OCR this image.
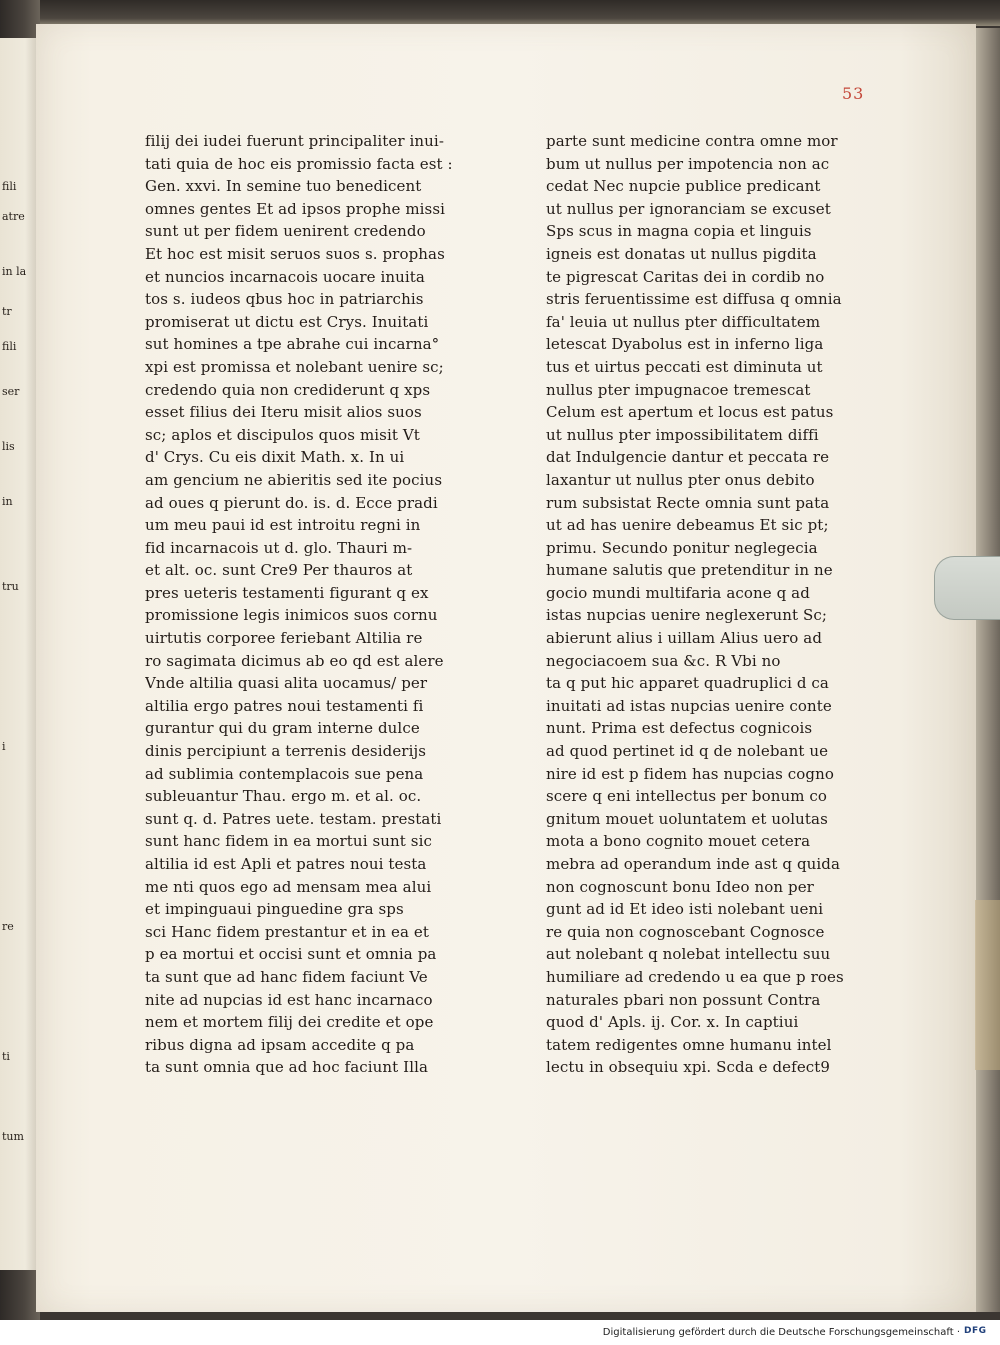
fili
atre
in la
tr
fili
ser
lis
in
tru
i
re
ti
tum
53
filij dei iudei fuerunt principaliter inui-
tati quia de hoc eis promissio facta est :
Gen. xxvi. In semine tuo benedicent
omnes gentes Et ad ipsos prophe missi
sunt ut per fidem uenirent credendo
Et hoc est misit seruos suos s. prophas
et nuncios incarnacois uocare inuita
tos s. iudeos qbus hoc in patriarchis
promiserat ut dictu est Crys. Inuitati
sut homines a tpe abrahe cui incarna°
xpi est promissa et nolebant uenire sc;
credendo quia non crediderunt q xps
esset filius dei Iteru misit alios suos
sc; aplos et discipulos quos misit Vt
d' Crys. Cu eis dixit Math. x. In ui
am gencium ne abieritis sed ite pocius
ad oues q pierunt do. is. d. Ecce pradi
um meu paui id est introitu regni in
fid incarnacois ut d. glo. Thauri m-
et alt. oc. sunt Cre9 Per thauros at
pres ueteris testamenti figurant q ex
promissione legis inimicos suos cornu
uirtutis corporee feriebant Altilia re
ro sagimata dicimus ab eo qd est alere
Vnde altilia quasi alita uocamus/ per
altilia ergo patres noui testamenti fi
gurantur qui du gram interne dulce
dinis percipiunt a terrenis desiderijs
ad sublimia contemplacois sue pena
subleuantur Thau. ergo m. et al. oc.
sunt q. d. Patres uete. testam. prestati
sunt hanc fidem in ea mortui sunt sic
altilia id est Apli et patres noui testa
me nti quos ego ad mensam mea alui
et impinguaui pinguedine gra sps
sci Hanc fidem prestantur et in ea et
p ea mortui et occisi sunt et omnia pa
ta sunt que ad hanc fidem faciunt Ve
nite ad nupcias id est hanc incarnaco
nem et mortem filij dei credite et ope
ribus digna ad ipsam accedite q pa
ta sunt omnia que ad hoc faciunt Illa
parte sunt medicine contra omne mor
bum ut nullus per impotencia non ac
cedat Nec nupcie publice predicant
ut nullus per ignoranciam se excuset
Sps scus in magna copia et linguis
igneis est donatas ut nullus pigdita
te pigrescat Caritas dei in cordib no
stris feruentissime est diffusa q omnia
fa' leuia ut nullus pter difficultatem
letescat Dyabolus est in inferno liga
tus et uirtus peccati est diminuta ut
nullus pter impugnacoe tremescat
Celum est apertum et locus est patus
ut nullus pter impossibilitatem diffi
dat Indulgencie dantur et peccata re
laxantur ut nullus pter onus debito
rum subsistat Recte omnia sunt pata
ut ad has uenire debeamus Et sic pt;
primu. Secundo ponitur neglegecia
humane salutis que pretenditur in ne
gocio mundi multifaria acone q ad
istas nupcias uenire neglexerunt Sc;
abierunt alius i uillam Alius uero ad
negociacoem sua &c. R Vbi no
ta q put hic apparet quadruplici d ca
inuitati ad istas nupcias uenire conte
nunt. Prima est defectus cognicois
ad quod pertinet id q de nolebant ue
nire id est p fidem has nupcias cogno
scere q eni intellectus per bonum co
gnitum mouet uoluntatem et uolutas
mota a bono cognito mouet cetera
mebra ad operandum inde ast q quida
non cognoscunt bonu Ideo non per
gunt ad id Et ideo isti nolebant ueni
re quia non cognoscebant Cognosce
aut nolebant q nolebat intellectu suu
humiliare ad credendo u ea que p roes
naturales pbari non possunt Contra
quod d' Apls. ij. Cor. x. In captiui
tatem redigentes omne humanu intel
lectu in obsequiu xpi. Scda e defect9
Digitalisierung gefördert durch die Deutsche Forschungsgemeinschaft · DFG
